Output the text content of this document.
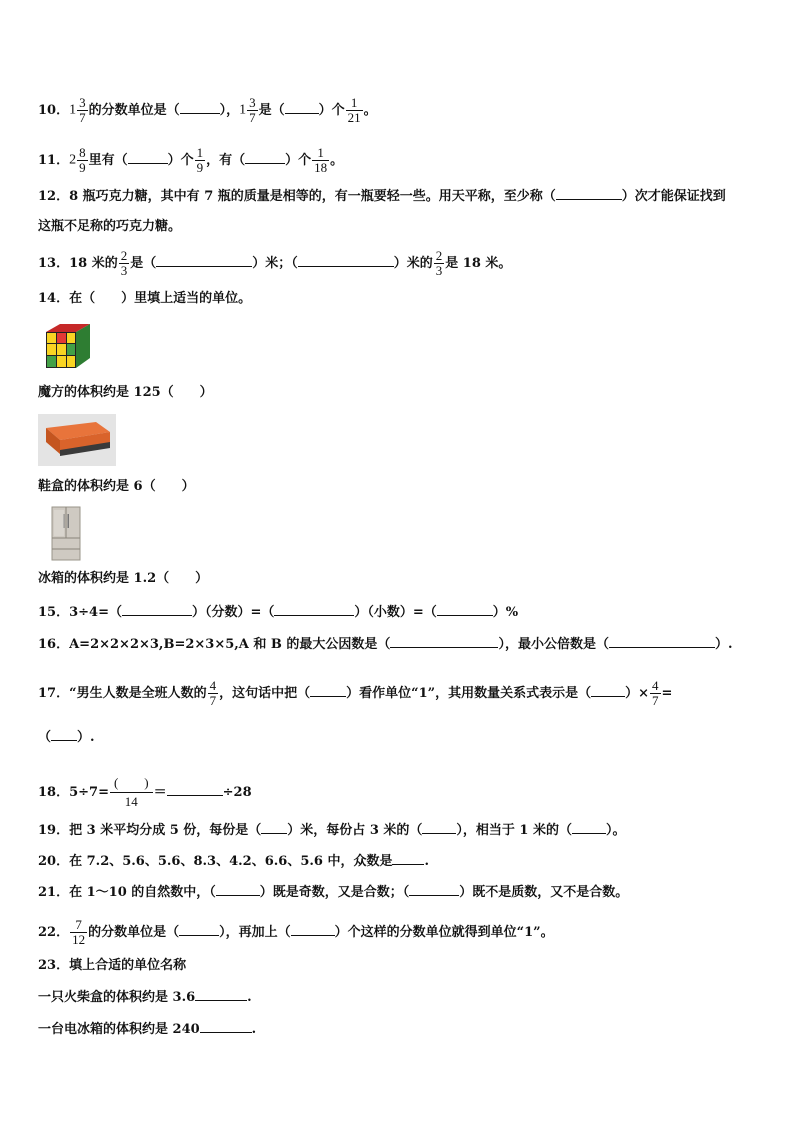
10．$1 \frac{3}{7}$ 的分数单位是（	），$1 \frac{3}{7}$ 是（	）个 $\frac{1}{21}$ 。
11．$2 \frac{8}{9}$ 里有（	）个 $\frac{1}{9}$ ，有（	）个 $\frac{1}{18}$ 。
12．8 瓶巧克力糖，其中有 7 瓶的质量是相等的，有一瓶要轻一些。用天平称，至少称（	）次才能保证找到
这瓶不足称的巧克力糖。
13．18 米的 $\frac{2}{3}$ 是（	）米；（	）米的 $\frac{2}{3}$ 是 18 米。
14．在（　　）里填上适当的单位。
魔方的体积约是 125（　　）
鞋盒的体积约是 6（　　）
冰箱的体积约是 1.2（　　）
15．3÷4=（	）（分数）=（	）（小数）=（	）%
16．A=2×2×2×3,B=2×3×5,A 和 B 的最大公因数是（	），最小公倍数是（	）.
17．“男生人数是全班人数的 $\frac{4}{7}$ ，这句话中把（	）看作单位“1”，其用数量关系式表示是（	）× $\frac{4}{7}$ =
（ ）.
18．$5\div 7= \frac{( )}{14}$ ＝	÷28
19．把 3 米平均分成 5 份，每份是（ ）米，每份占 3 米的（	），相当于 1 米的（	）。
20．在 7.2、5.6、5.6、8.3、4.2、6.6、5.6 中，众数是 .
21．在 1～10 的自然数中，（	）既是奇数，又是合数；（	）既不是质数，又不是合数。
22． $\frac{7}{12}$ 的分数单位是（	），再加上（	）个这样的分数单位就得到单位“1”。
23．填上合适的单位名称
一只火柴盒的体积约是 3.6	.
一台电冰箱的体积约是 240	.
